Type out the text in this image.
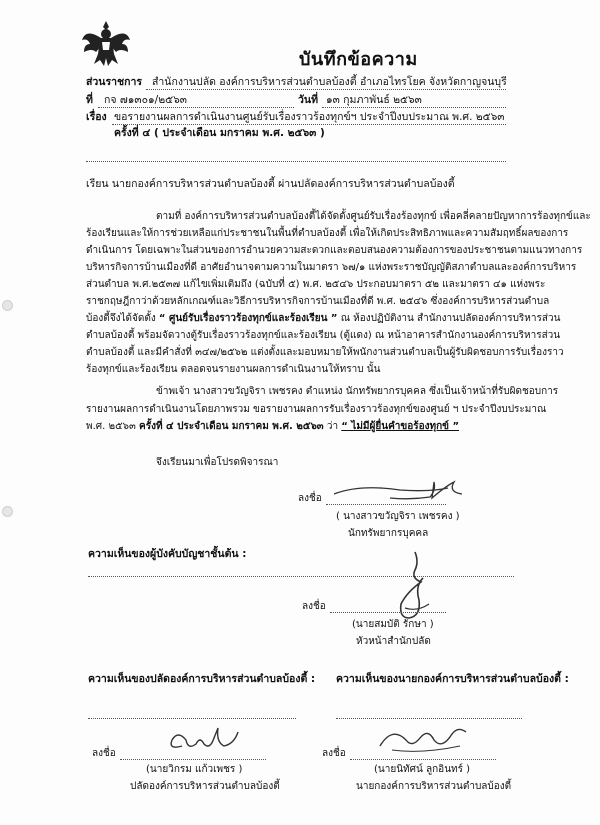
บันทึกข้อความ
ส่วนราชการ สำนักงานปลัด องค์การบริหารส่วนตำบลบ้องตี้ อำเภอไทรโยค จังหวัดกาญจนบุรี
ที่ กจ ๗๑๓๐๑/๒๕๖๓	วันที่ ๑๓ กุมภาพันธ์ ๒๕๖๓
เรื่อง ขอรายงานผลการดำเนินงานศูนย์รับเรื่องราวร้องทุกข์ฯ ประจำปีงบประมาณ พ.ศ. ๒๕๖๓
ครั้งที่ ๔ ( ประจำเดือน มกราคม พ.ศ. ๒๕๖๓ )
เรียน นายกองค์การบริหารส่วนตำบลบ้องตี้ ผ่านปลัดองค์การบริหารส่วนตำบลบ้องตี้
ตามที่ องค์การบริหารส่วนตำบลบ้องตี้ได้จัดตั้งศูนย์รับเรื่องร้องทุกข์ เพื่อคลี่คลายปัญหาการร้องทุกข์และ
ร้องเรียนและให้การช่วยเหลือแก่ประชาชนในพื้นที่ตำบลบ้องตี้ เพื่อให้เกิดประสิทธิภาพและความสัมฤทธิ์ผลของการ
ดำเนินการ โดยเฉพาะในส่วนของการอำนวยความสะดวกและตอบสนองความต้องการของประชาชนตามแนวทางการ
บริหารกิจการบ้านเมืองที่ดี อาศัยอำนาจตามความในมาตรา ๖๗/๑ แห่งพระราชบัญญัติสภาตำบลและองค์การบริหาร
ส่วนตำบล พ.ศ.๒๕๓๗ แก้ไขเพิ่มเติมถึง (ฉบับที่ ๕) พ.ศ. ๒๕๔๖ ประกอบมาตรา ๕๒ และมาตรา ๔๑ แห่งพระ
ราชกฤษฎีกาว่าด้วยหลักเกณฑ์และวิธีการบริหารกิจการบ้านเมืองที่ดี พ.ศ. ๒๕๔๖ ซึ่งองค์การบริหารส่วนตำบล
บ้องตี้จึงได้จัดตั้ง “ ศูนย์รับเรื่องราวร้องทุกข์และร้องเรียน ” ณ ห้องปฏิบัติงาน สำนักงานปลัดองค์การบริหารส่วน
ตำบลบ้องตี้ พร้อมจัดวางตู้รับเรื่องราวร้องทุกข์และร้องเรียน (ตู้แดง) ณ หน้าอาคารสำนักงานองค์การบริหารส่วน
ตำบลบ้องตี้ และมีคำสั่งที่ ๓๔๗/๒๕๖๒ แต่งตั้งและมอบหมายให้พนักงานส่วนตำบลเป็นผู้รับผิดชอบการรับเรื่องราว
ร้องทุกข์และร้องเรียน ตลอดจนรายงานผลการดำเนินงานให้ทราบ นั้น
ข้าพเจ้า นางสาวขวัญจิรา เพชรคง ตำแหน่ง นักทรัพยากรบุคคล ซึ่งเป็นเจ้าหน้าที่รับผิดชอบการ
รายงานผลการดำเนินงานโดยภาพรวม ขอรายงานผลการรับเรื่องราวร้องทุกข์ของศูนย์ ฯ ประจำปีงบประมาณ
พ.ศ. ๒๕๖๓ ครั้งที่ ๔ ประจำเดือน มกราคม พ.ศ. ๒๕๖๓ ว่า “ ไม่มีผู้ยื่นคำขอร้องทุกข์ ”
จึงเรียนมาเพื่อโปรดพิจารณา
ลงชื่อ
( นางสาวขวัญจิรา เพชรคง )
นักทรัพยากรบุคคล
ความเห็นของผู้บังคับบัญชาชั้นต้น :
ลงชื่อ
(นายสมบัติ รักษา )
หัวหน้าสำนักปลัด
ความเห็นของปลัดองค์การบริหารส่วนตำบลบ้องตี้ : ความเห็นของนายกองค์การบริหารส่วนตำบลบ้องตี้ :
ลงชื่อ
(นายวิกรม แก้วเพชร )
ปลัดองค์การบริหารส่วนตำบลบ้องตี้
ลงชื่อ
(นายนิทัศน์ ลูกอินทร์ )
นายกองค์การบริหารส่วนตำบลบ้องตี้
